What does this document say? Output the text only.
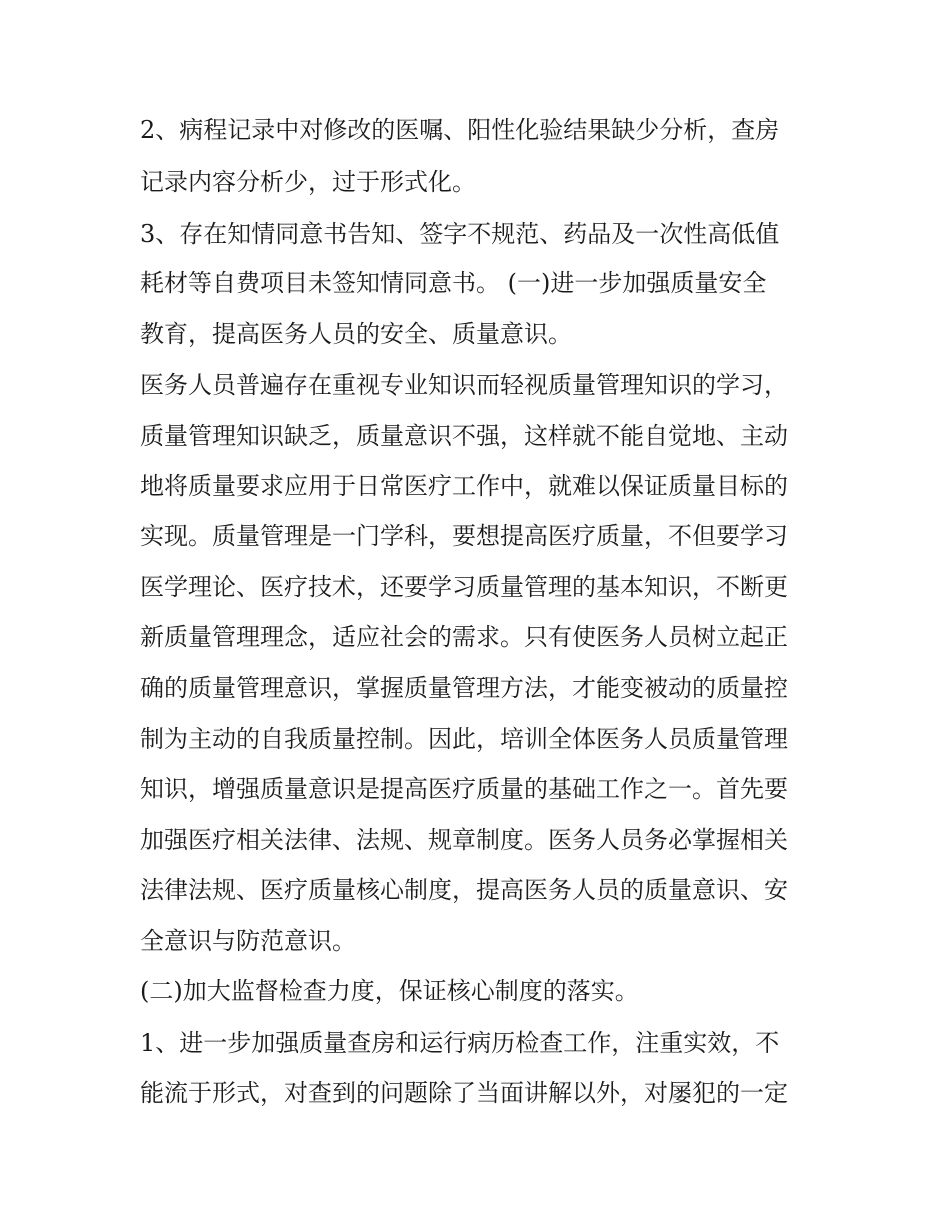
2、病程记录中对修改的医嘱、阳性化验结果缺少分析，查房
记录内容分析少，过于形式化。
3、存在知情同意书告知、签字不规范、药品及一次性高低值
耗材等自费项目未签知情同意书。 (一)进一步加强质量安全
教育，提高医务人员的安全、质量意识。
医务人员普遍存在重视专业知识而轻视质量管理知识的学习，
质量管理知识缺乏，质量意识不强，这样就不能自觉地、主动
地将质量要求应用于日常医疗工作中，就难以保证质量目标的
实现。质量管理是一门学科，要想提高医疗质量，不但要学习
医学理论、医疗技术，还要学习质量管理的基本知识，不断更
新质量管理理念，适应社会的需求。只有使医务人员树立起正
确的质量管理意识，掌握质量管理方法，才能变被动的质量控
制为主动的自我质量控制。因此，培训全体医务人员质量管理
知识，增强质量意识是提高医疗质量的基础工作之一。首先要
加强医疗相关法律、法规、规章制度。医务人员务必掌握相关
法律法规、医疗质量核心制度，提高医务人员的质量意识、安
全意识与防范意识。
(二)加大监督检查力度，保证核心制度的落实。
1、进一步加强质量查房和运行病历检查工作，注重实效，不
能流于形式，对查到的问题除了当面讲解以外，对屡犯的一定
